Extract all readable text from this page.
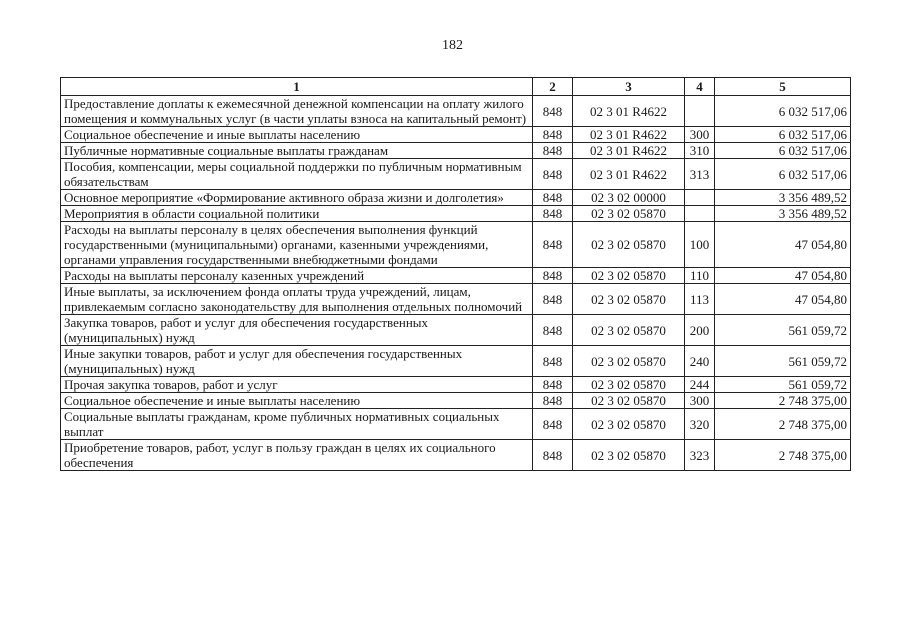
182
1	2	3	4	5
Предоставление доплаты к ежемесячной денежной компенсации на оплату жилого помещения и коммунальных услуг (в части уплаты взноса на капитальный ремонт)	848	02 3 01 R4622		6 032 517,06
Социальное обеспечение и иные выплаты населению	848	02 3 01 R4622	300	6 032 517,06
Публичные нормативные социальные выплаты гражданам	848	02 3 01 R4622	310	6 032 517,06
Пособия, компенсации, меры социальной поддержки по публичным нормативным обязательствам	848	02 3 01 R4622	313	6 032 517,06
Основное мероприятие «Формирование активного образа жизни и долголетия»	848	02 3 02 00000		3 356 489,52
Мероприятия в области социальной политики	848	02 3 02 05870		3 356 489,52
Расходы на выплаты персоналу в целях обеспечения выполнения функций государственными (муниципальными) органами, казенными учреждениями, органами управления государственными внебюджетными фондами	848	02 3 02 05870	100	47 054,80
Расходы на выплаты персоналу казенных учреждений	848	02 3 02 05870	110	47 054,80
Иные выплаты, за исключением фонда оплаты труда учреждений, лицам, привлекаемым согласно законодательству для выполнения отдельных полномочий	848	02 3 02 05870	113	47 054,80
Закупка товаров, работ и услуг для обеспечения государственных (муниципальных) нужд	848	02 3 02 05870	200	561 059,72
Иные закупки товаров, работ и услуг для обеспечения государственных (муниципальных) нужд	848	02 3 02 05870	240	561 059,72
Прочая закупка товаров, работ и услуг	848	02 3 02 05870	244	561 059,72
Социальное обеспечение и иные выплаты населению	848	02 3 02 05870	300	2 748 375,00
Социальные выплаты гражданам, кроме публичных нормативных социальных выплат	848	02 3 02 05870	320	2 748 375,00
Приобретение товаров, работ, услуг в пользу граждан в целях их социального обеспечения	848	02 3 02 05870	323	2 748 375,00
